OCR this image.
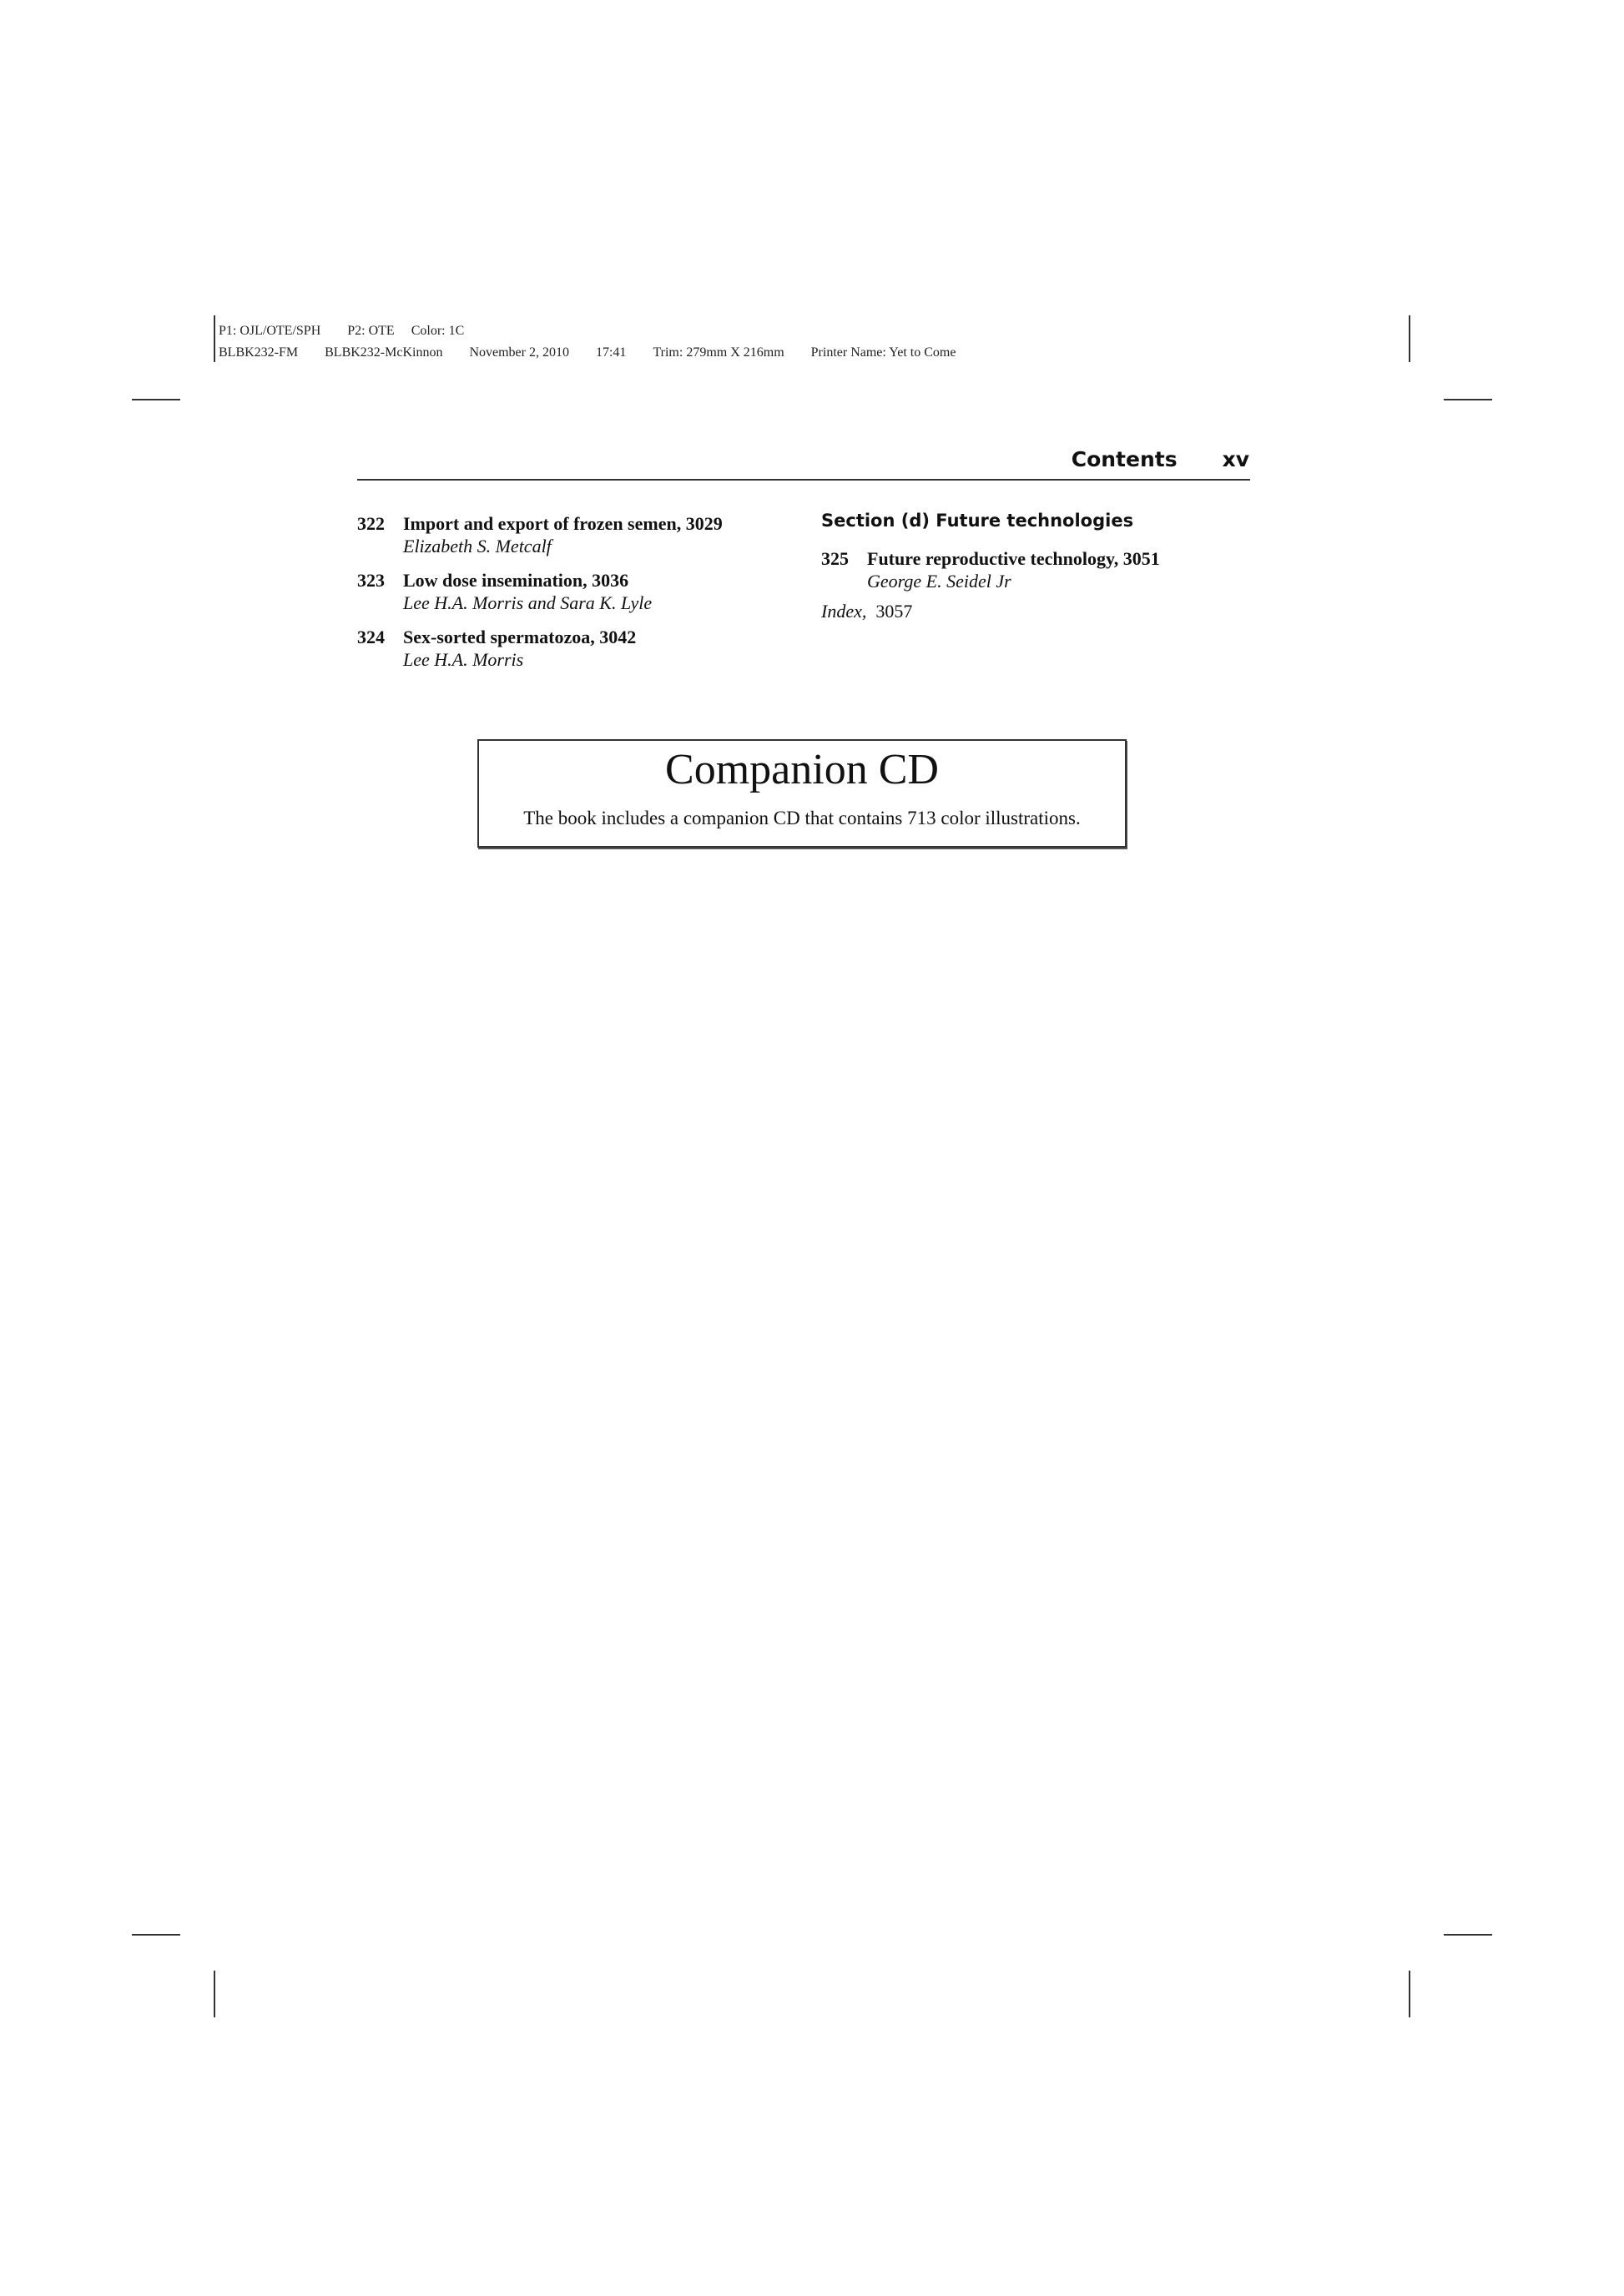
P1: OJL/OTE/SPH P2: OTE Color: 1C
BLBK232-FM BLBK232-McKinnon November 2, 2010 17:41 Trim: 279mm X 216mm Printer Name: Yet to Come
Contents xv
322 Import and export of frozen semen, 3029
Elizabeth S. Metcalf
323 Low dose insemination, 3036
Lee H.A. Morris and Sara K. Lyle
324 Sex-sorted spermatozoa, 3042
Lee H.A. Morris
Section (d) Future technologies
325 Future reproductive technology, 3051
George E. Seidel Jr
Index, 3057
Companion CD
The book includes a companion CD that contains 713 color illustrations.
